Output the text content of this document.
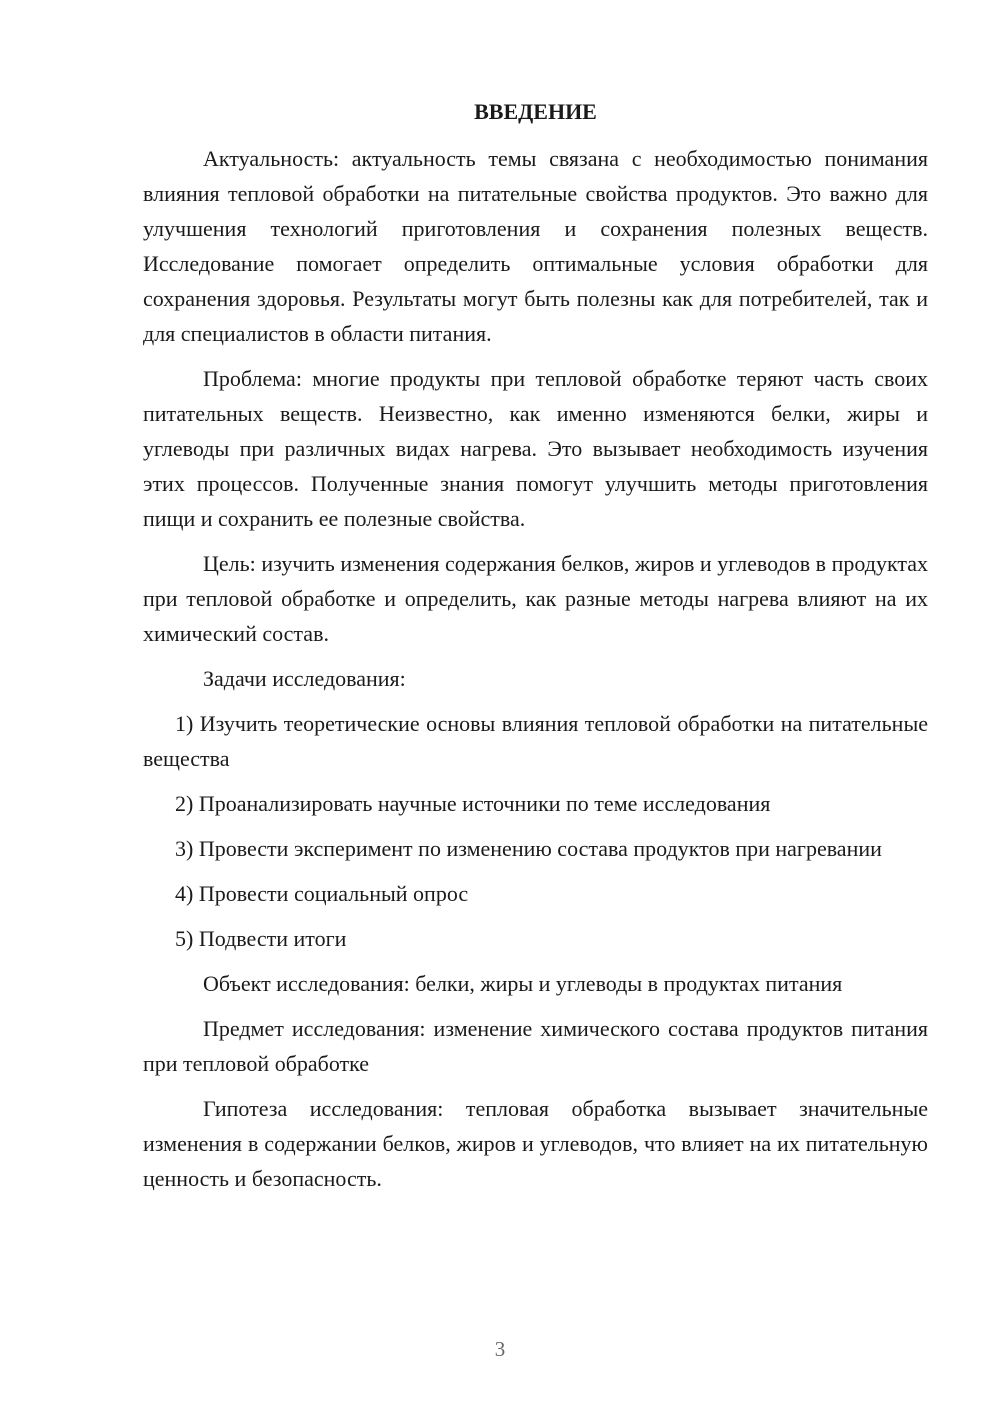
ВВЕДЕНИЕ

Актуальность: актуальность темы связана с необходимостью понимания влияния тепловой обработки на питательные свойства продуктов. Это важно для улучшения технологий приготовления и сохранения полезных веществ. Исследование помогает определить оптимальные условия обработки для сохранения здоровья. Результаты могут быть полезны как для потребителей, так и для специалистов в области питания.

Проблема: многие продукты при тепловой обработке теряют часть своих питательных веществ. Неизвестно, как именно изменяются белки, жиры и углеводы при различных видах нагрева. Это вызывает необходимость изучения этих процессов. Полученные знания помогут улучшить методы приготовления пищи и сохранить ее полезные свойства.

Цель: изучить изменения содержания белков, жиров и углеводов в продуктах при тепловой обработке и определить, как разные методы нагрева влияют на их химический состав.

Задачи исследования:

1) Изучить теоретические основы влияния тепловой обработки на питательные вещества

2) Проанализировать научные источники по теме исследования

3) Провести эксперимент по изменению состава продуктов при нагревании

4) Провести социальный опрос

5) Подвести итоги

Объект исследования: белки, жиры и углеводы в продуктах питания

Предмет исследования: изменение химического состава продуктов питания при тепловой обработке

Гипотеза исследования: тепловая обработка вызывает значительные изменения в содержании белков, жиров и углеводов, что влияет на их питательную ценность и безопасность.

3
